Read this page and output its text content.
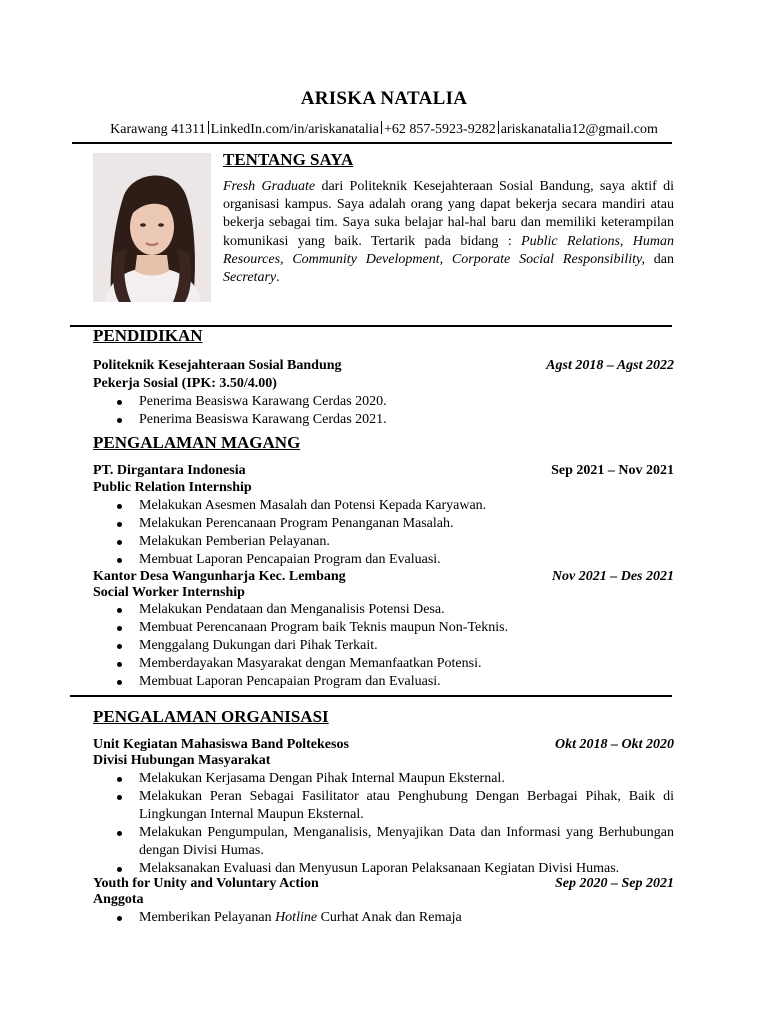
ARISKA NATALIA
Karawang 41311 LinkedIn.com/in/ariskanatalia +62 857-5923-9282 ariskanatalia12@gmail.com
TENTANG SAYA
Fresh Graduate dari Politeknik Kesejahteraan Sosial Bandung, saya aktif di organisasi kampus. Saya adalah orang yang dapat bekerja secara mandiri atau bekerja sebagai tim. Saya suka belajar hal-hal baru dan memiliki keterampilan komunikasi yang baik. Tertarik pada bidang : Public Relations, Human Resources, Community Development, Corporate Social Responsibility, dan Secretary.
PENDIDIKAN
Politeknik Kesejahteraan Sosial Bandung	Agst 2018 – Agst 2022
Pekerja Sosial (IPK: 3.50/4.00)
Penerima Beasiswa Karawang Cerdas 2020.
Penerima Beasiswa Karawang Cerdas 2021.
PENGALAMAN MAGANG
PT. Dirgantara Indonesia	Sep 2021 – Nov 2021
Public Relation Internship
Melakukan Asesmen Masalah dan Potensi Kepada Karyawan.
Melakukan Perencanaan Program Penanganan Masalah.
Melakukan Pemberian Pelayanan.
Membuat Laporan Pencapaian Program dan Evaluasi.
Kantor Desa Wangunharja Kec. Lembang	Nov 2021 – Des 2021
Social Worker Internship
Melakukan Pendataan dan Menganalisis Potensi Desa.
Membuat Perencanaan Program baik Teknis maupun Non-Teknis.
Menggalang Dukungan dari Pihak Terkait.
Memberdayakan Masyarakat dengan Memanfaatkan Potensi.
Membuat Laporan Pencapaian Program dan Evaluasi.
PENGALAMAN ORGANISASI
Unit Kegiatan Mahasiswa Band Poltekesos	Okt 2018 – Okt 2020
Divisi Hubungan Masyarakat
Melakukan Kerjasama Dengan Pihak Internal Maupun Eksternal.
Melakukan Peran Sebagai Fasilitator atau Penghubung Dengan Berbagai Pihak, Baik di Lingkungan Internal Maupun Eksternal.
Melakukan Pengumpulan, Menganalisis, Menyajikan Data dan Informasi yang Berhubungan dengan Divisi Humas.
Melaksanakan Evaluasi dan Menyusun Laporan Pelaksanaan Kegiatan Divisi Humas.
Youth for Unity and Voluntary Action	Sep 2020 – Sep 2021
Anggota
Memberikan Pelayanan Hotline Curhat Anak dan Remaja
